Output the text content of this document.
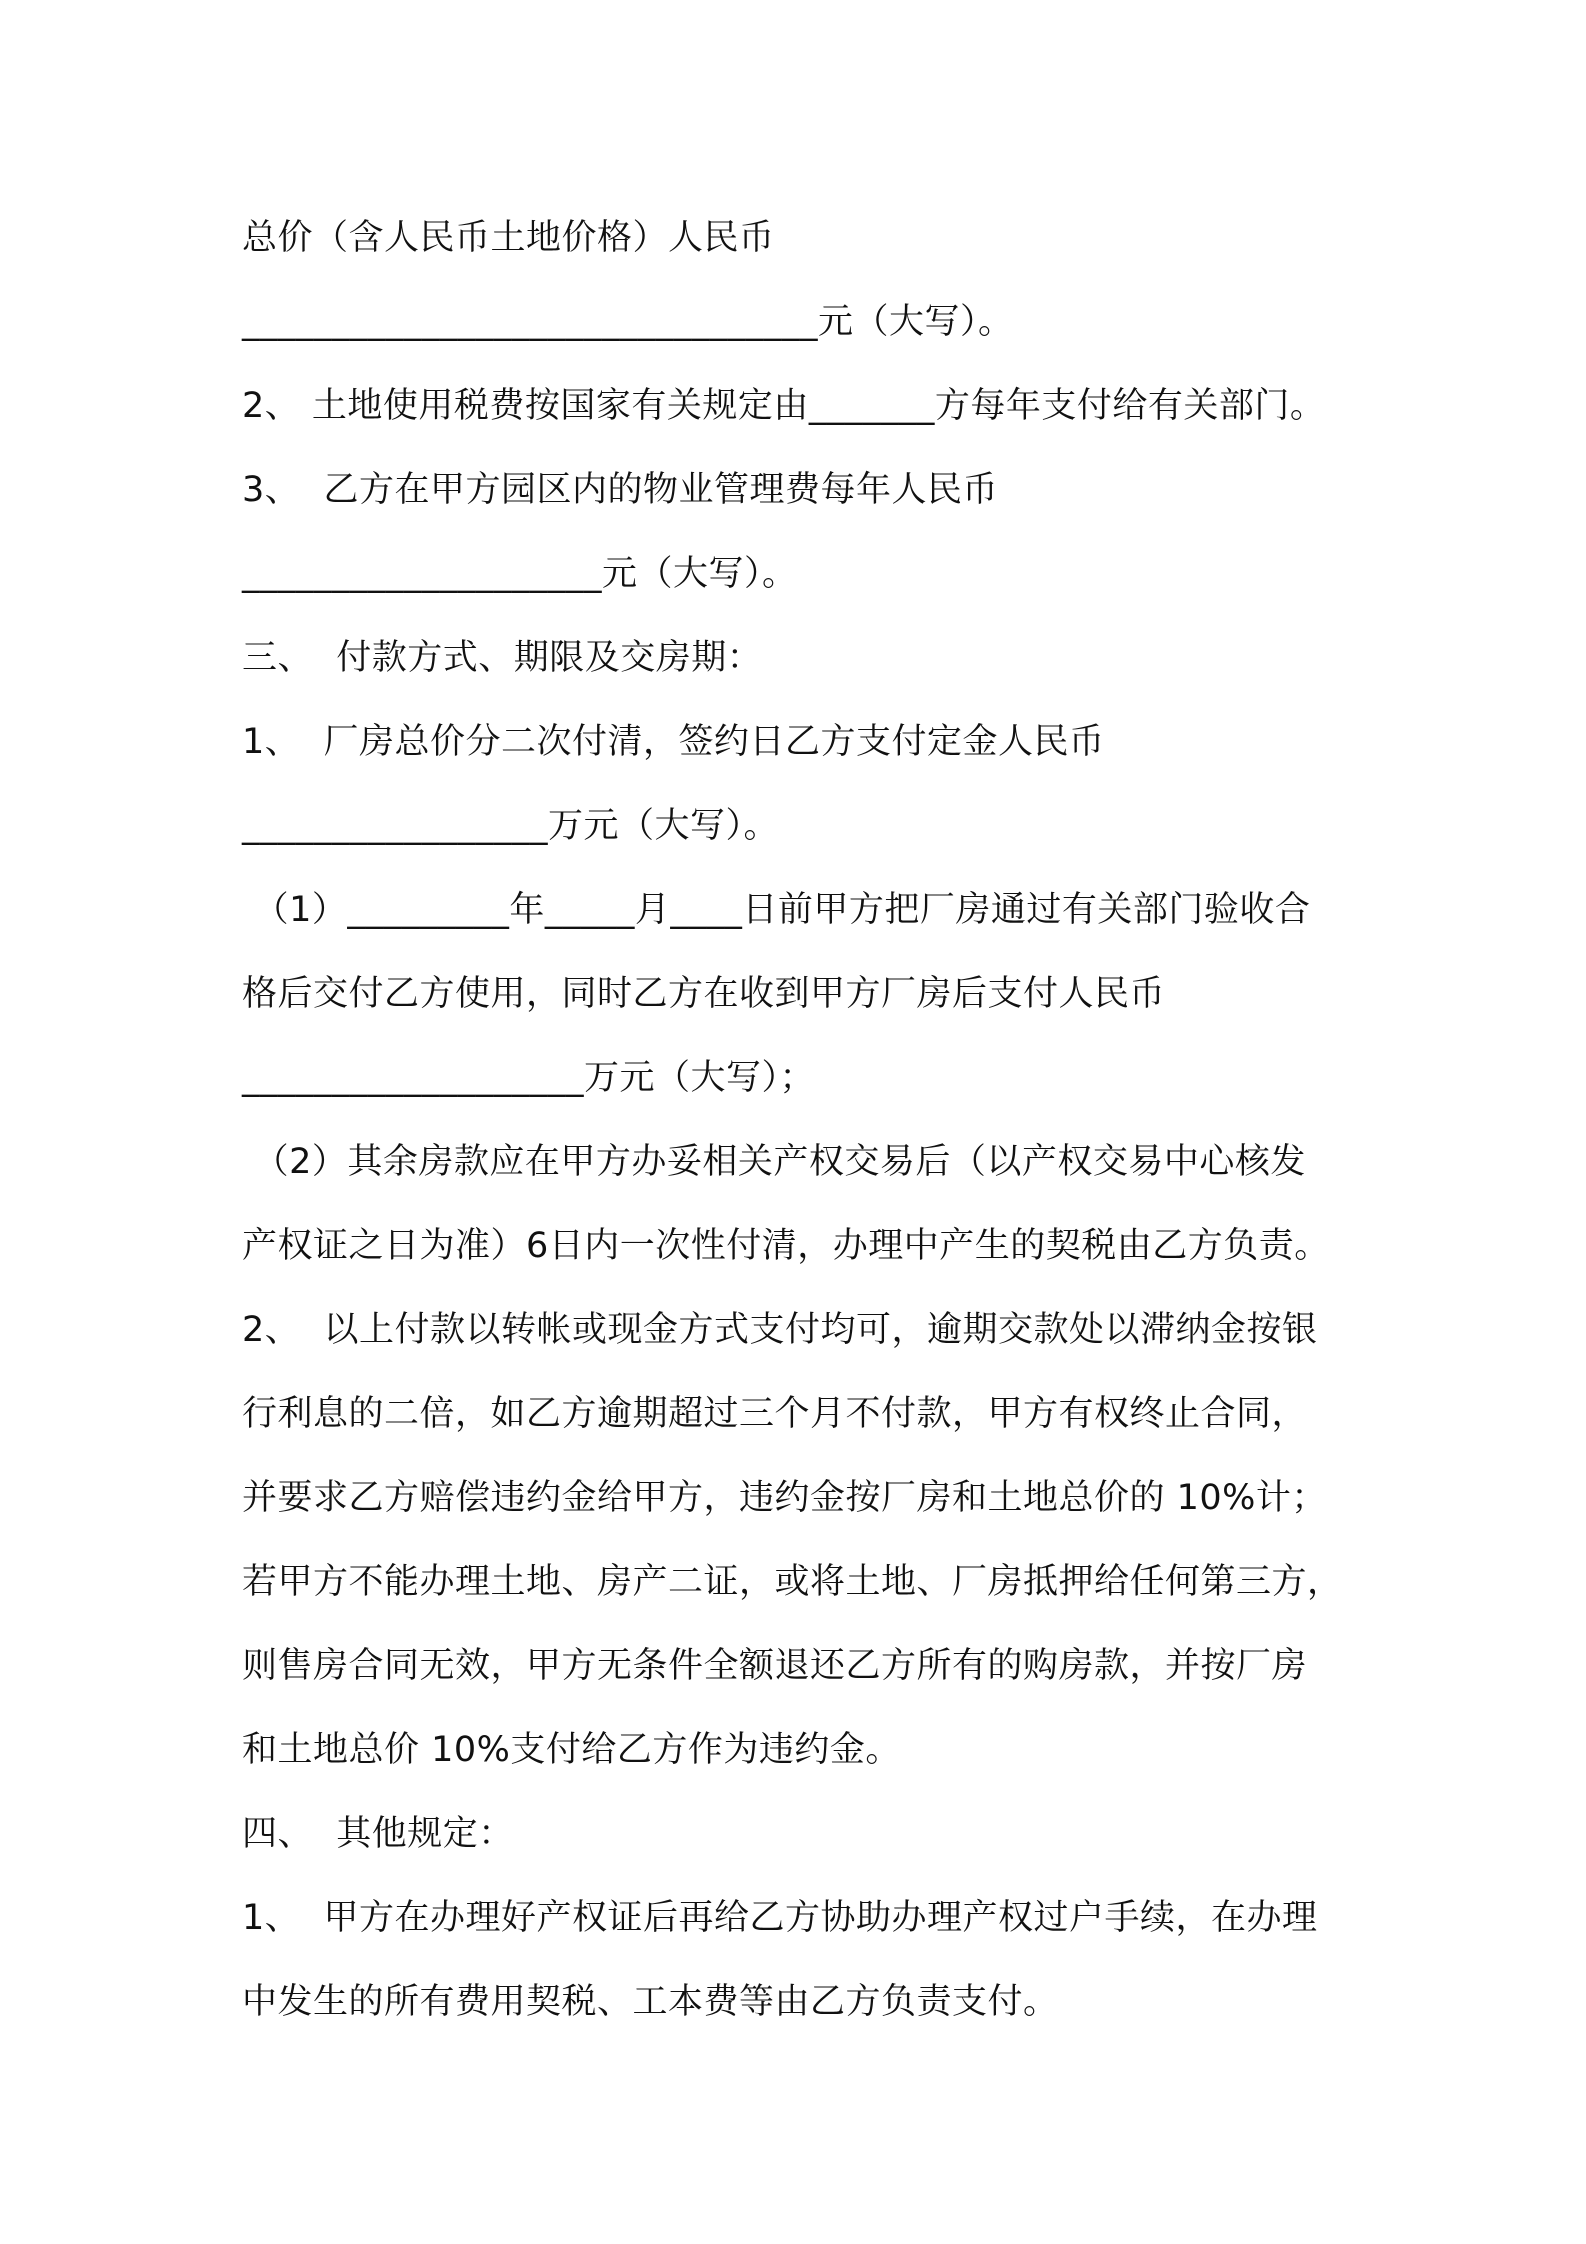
总价（含人民币土地价格）人民币
________________________________元（大写）。
2、 土地使用税费按国家有关规定由_______方每年支付给有关部门。
3、  乙方在甲方园区内的物业管理费每年人民币
____________________元（大写）。
三、  付款方式、期限及交房期：
1、  厂房总价分二次付清，签约日乙方支付定金人民币
_________________万元（大写）。
（1）_________年_____月____日前甲方把厂房通过有关部门验收合
格后交付乙方使用，同时乙方在收到甲方厂房后支付人民币
___________________万元（大写）；
（2）其余房款应在甲方办妥相关产权交易后（以产权交易中心核发
产权证之日为准）6日内一次性付清，办理中产生的契税由乙方负责。
2、  以上付款以转帐或现金方式支付均可，逾期交款处以滞纳金按银
行利息的二倍，如乙方逾期超过三个月不付款，甲方有权终止合同，
并要求乙方赔偿违约金给甲方，违约金按厂房和土地总价的 10%计；
若甲方不能办理土地、房产二证，或将土地、厂房抵押给任何第三方，
则售房合同无效，甲方无条件全额退还乙方所有的购房款，并按厂房
和土地总价 10%支付给乙方作为违约金。
四、  其他规定：
1、  甲方在办理好产权证后再给乙方协助办理产权过户手续，在办理
中发生的所有费用契税、工本费等由乙方负责支付。
